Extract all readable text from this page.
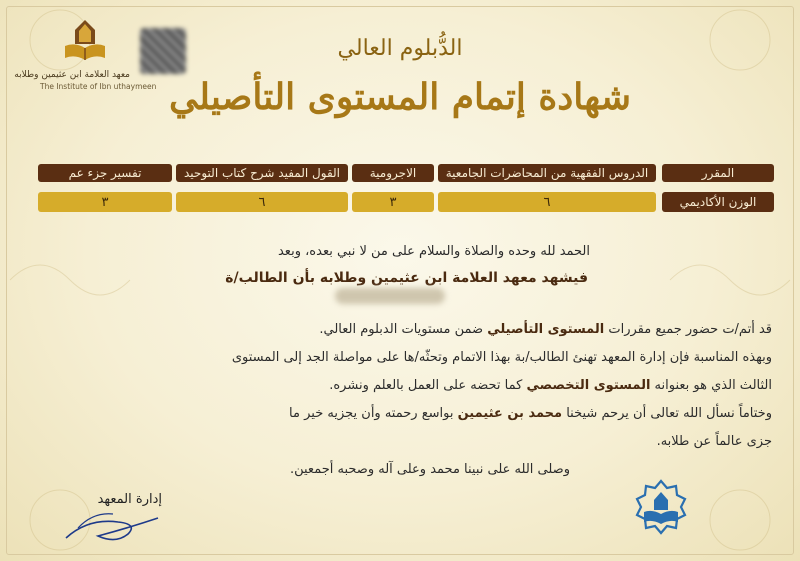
معهد العلامة ابن عثيمين وطلابه
The Institute of Ibn uthaymeen
الدُّبلوم العالي
شهادة إتمام المستوى التأصيلي
المقرر
الدروس الفقهية من المحاضرات الجامعية
الاجرومية
القول المفيد شرح كتاب التوحيد
تفسير جزء عم
الوزن الأكاديمي
٦
٣
٦
٣
الحمد لله وحده والصلاة والسلام على من لا نبي بعده، وبعد
فيشهد معهد العلامة ابن عثيمين وطلابه بأن الطالب/ة
قد أتم/ت حضور جميع مقررات المستوى التأصيلي ضمن مستويات الدبلوم العالي.
وبهذه المناسبة فإن إدارة المعهد تهنئ الطالب/بة بهذا الاتمام وتحثّه/ها على مواصلة الجد إلى المستوى
الثالث الذي هو بعنوانه المستوى التخصصي كما تحضه على العمل بالعلم ونشره.
وختاماً نسأل الله تعالى أن يرحم شيخنا محمد بن عثيمين بواسع رحمته وأن يجزيه خير ما
جزى عالماً عن طلابه.
وصلى الله على نبينا محمد وعلى آله وصحبه أجمعين.
إدارة المعهد
